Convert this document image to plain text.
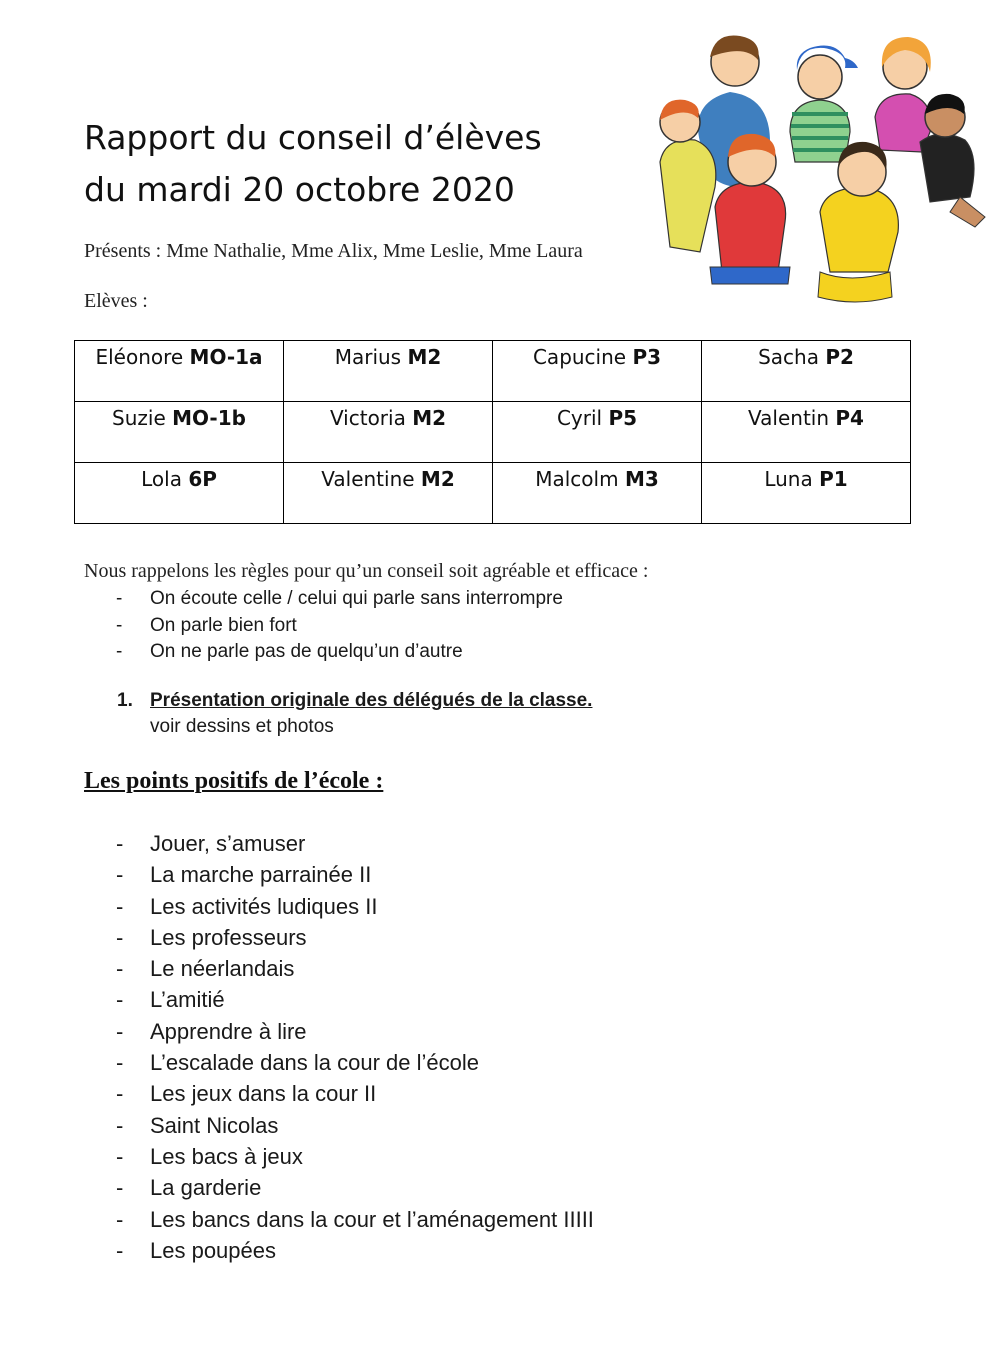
Rapport du conseil d’élèves
du mardi 20 octobre 2020

Présents : Mme Nathalie, Mme Alix, Mme Leslie, Mme Laura

Elèves :

Eléonore MO-1a	Marius M2	Capucine P3	Sacha P2
Suzie MO-1b	Victoria M2	Cyril P5	Valentin P4
Lola 6P	Valentine M2	Malcolm M3	Luna P1

Nous rappelons les règles pour qu’un conseil soit agréable et efficace :

- On écoute celle / celui qui parle sans interrompre
- On parle bien fort
- On ne parle pas de quelqu’un d’autre
1. Présentation originale des délégués de la classe.
voir dessins et photos
Les points positifs de l’école :
- Jouer, s’amuser
- La marche parrainée II
- Les activités ludiques II
- Les professeurs
- Le néerlandais
- L’amitié
- Apprendre à lire
- L’escalade dans la cour de l’école
- Les jeux dans la cour II
- Saint Nicolas
- Les bacs à jeux
- La garderie
- Les bancs dans la cour et l’aménagement IIIII
- Les poupées
